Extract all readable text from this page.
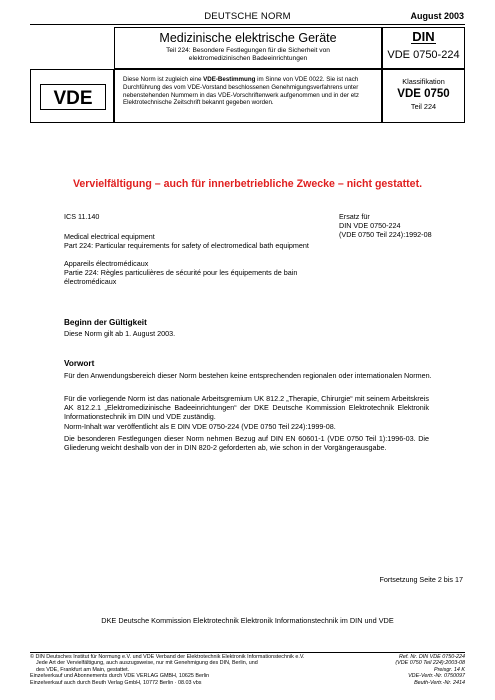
DEUTSCHE NORM	August 2003
Medizinische elektrische Geräte
Teil 224: Besondere Festlegungen für die Sicherheit von
elektromedizinischen Badeeinrichtungen
DIN
VDE 0750-224
VDE
Diese Norm ist zugleich eine VDE-Bestimmung im Sinne von VDE 0022. Sie ist nach
Durchführung des vom VDE-Vorstand beschlossenen Genehmigungsverfahrens unter
nebenstehenden Nummern in das VDE-Vorschriftenwerk aufgenommen und in der etz
Elektrotechnische Zeitschrift bekannt gegeben worden.
Klassifikation
VDE 0750
Teil 224
Vervielfältigung – auch für innerbetriebliche Zwecke – nicht gestattet.
ICS 11.140	Ersatz für
DIN VDE 0750-224
(VDE 0750 Teil 224):1992-08
Medical electrical equipment
Part 224: Particular requirements for safety of electromedical bath equipment
Appareils électromédicaux
Partie 224: Règles particulières de sécurité pour les équipements de bain
électromédicaux
Beginn der Gültigkeit
Diese Norm gilt ab 1. August 2003.
Vorwort
Für den Anwendungsbereich dieser Norm bestehen keine entsprechenden regionalen oder internationalen Normen.
Für die vorliegende Norm ist das nationale Arbeitsgremium UK 812.2 „Therapie, Chirurgie“ mit seinem Arbeitskreis AK 812.2.1 „Elektromedizinische Badeeinrichtungen“ der DKE Deutsche Kommission Elektrotechnik Elektronik Informationstechnik im DIN und VDE zuständig.
Norm-Inhalt war veröffentlicht als E DIN VDE 0750-224 (VDE 0750 Teil 224):1999-08.
Die besonderen Festlegungen dieser Norm nehmen Bezug auf DIN EN 60601-1 (VDE 0750 Teil 1):1996-03. Die Gliederung weicht deshalb von der in DIN 820-2 geforderten ab, wie schon in der Vorgängerausgabe.
Fortsetzung Seite 2 bis 17
DKE Deutsche Kommission Elektrotechnik Elektronik Informationstechnik im DIN und VDE
© DIN Deutsches Institut für Normung e.V. und VDE Verband der Elektrotechnik Elektronik Informationstechnik e.V.
Jede Art der Vervielfältigung, auch auszugsweise, nur mit Genehmigung des DIN, Berlin, und
des VDE, Frankfurt am Main, gestattet.
Einzelverkauf und Abonnements durch VDE VERLAG GMBH, 10625 Berlin
Einzelverkauf auch durch Beuth Verlag GmbH, 10772 Berlin · 08.03 vbs
Ref. Nr. DIN VDE 0750-224
(VDE 0750 Teil 224):2003-08
Preisgr. 14 K
VDE-Vertr.-Nr. 0750097
Beuth-Vertr.-Nr. 2414
